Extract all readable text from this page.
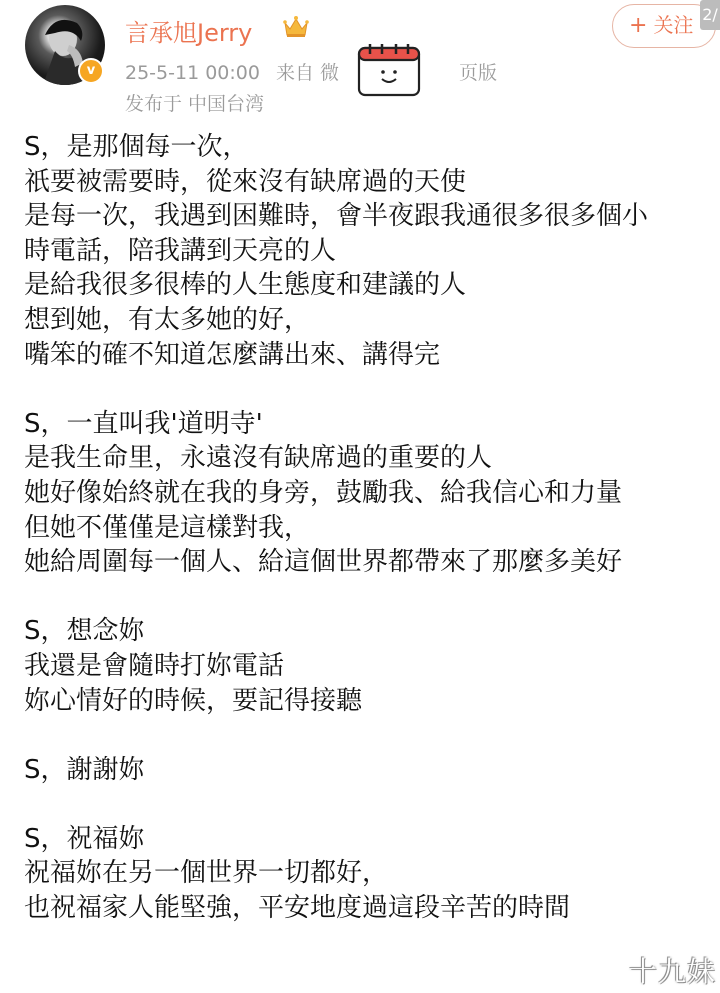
v
言承旭Jerry
25-5-11 00:00 来自 微	页版
发布于 中国台湾
+ 关注 2/
S，是那個每一次，
祇要被需要時，從來沒有缺席過的天使
是每一次，我遇到困難時，會半夜跟我通很多很多個小
時電話，陪我講到天亮的人
是給我很多很棒的人生態度和建議的人
想到她，有太多她的好，
嘴笨的確不知道怎麼講出來、講得完
S，一直叫我'道明寺'
是我生命里，永遠沒有缺席過的重要的人
她好像始終就在我的身旁，鼓勵我、給我信心和力量
但她不僅僅是這樣對我，
她給周圍每一個人、給這個世界都帶來了那麼多美好
S，想念妳
我還是會隨時打妳電話
妳心情好的時候，要記得接聽
S，謝謝妳
S，祝福妳
祝福妳在另一個世界一切都好，
也祝福家人能堅強，平安地度過這段辛苦的時間
十九妹
